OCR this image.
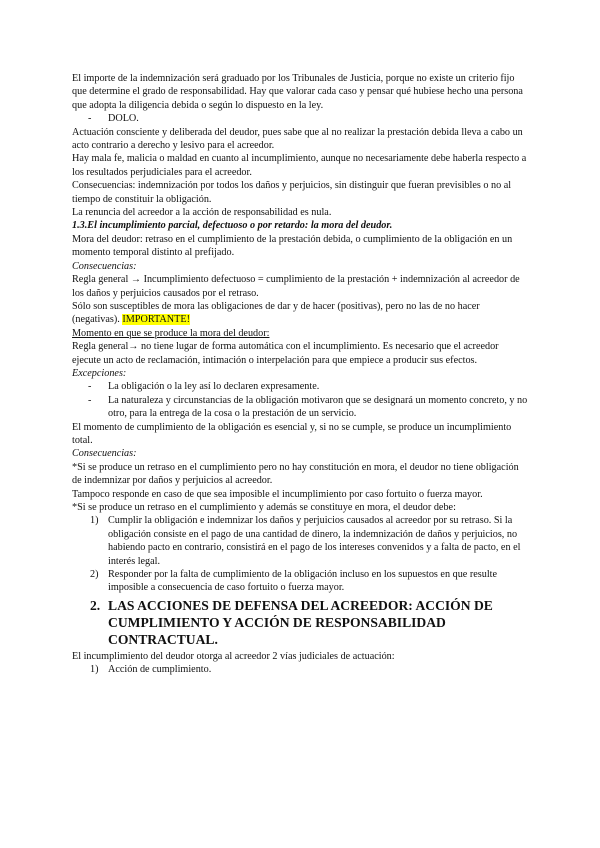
El importe de la indemnización será graduado por los Tribunales de Justicia, porque no existe un criterio fijo que determine el grado de responsabilidad. Hay que valorar cada caso y pensar qué hubiese hecho una persona que adopta la diligencia debida o según lo dispuesto en la ley.

- DOLO.

Actuación consciente y deliberada del deudor, pues sabe que al no realizar la prestación debida lleva a cabo un acto contrario a derecho y lesivo para el acreedor.

Hay mala fe, malicia o maldad en cuanto al incumplimiento, aunque no necesariamente debe haberla respecto a los resultados perjudiciales para el acreedor.

Consecuencias: indemnización por todos los daños y perjuicios, sin distinguir que fueran previsibles o no al tiempo de constituir la obligación.

La renuncia del acreedor a la acción de responsabilidad es nula.

1.3.El incumplimiento parcial, defectuoso o por retardo: la mora del deudor.

Mora del deudor: retraso en el cumplimiento de la prestación debida, o cumplimiento de la obligación en un momento temporal distinto al prefijado.

Consecuencias:

Regla general → Incumplimiento defectuoso = cumplimiento de la prestación + indemnización al acreedor de los daños y perjuicios causados por el retraso.

Sólo son susceptibles de mora las obligaciones de dar y de hacer (positivas), pero no las de no hacer (negativas). IMPORTANTE!

Momento en que se produce la mora del deudor:

Regla general→ no tiene lugar de forma automática con el incumplimiento. Es necesario que el acreedor ejecute un acto de reclamación, intimación o interpelación para que empiece a producir sus efectos.

Excepciones:

- La obligación o la ley así lo declaren expresamente.
- La naturaleza y circunstancias de la obligación motivaron que se designará un momento concreto, y no otro, para la entrega de la cosa o la prestación de un servicio.

El momento de cumplimiento de la obligación es esencial y, si no se cumple, se produce un incumplimiento total.

Consecuencias:

*Si se produce un retraso en el cumplimiento pero no hay constitución en mora, el deudor no tiene obligación de indemnizar por daños y perjuicios al acreedor.

Tampoco responde en caso de que sea imposible el incumplimiento por caso fortuito o fuerza mayor.

*Si se produce un retraso en el cumplimiento y además se constituye en mora, el deudor debe:

1) Cumplir la obligación e indemnizar los daños y perjuicios causados al acreedor por su retraso. Si la obligación consiste en el pago de una cantidad de dinero, la indemnización de daños y perjuicios, no habiendo pacto en contrario, consistirá en el pago de los intereses convenidos y a falta de pacto, en el interés legal.
2) Responder por la falta de cumplimiento de la obligación incluso en los supuestos en que resulte imposible a consecuencia de caso fortuito o fuerza mayor.
2. LAS ACCIONES DE DEFENSA DEL ACREEDOR: ACCIÓN DE CUMPLIMIENTO Y ACCIÓN DE RESPONSABILIDAD CONTRACTUAL.

El incumplimiento del deudor otorga al acreedor 2 vías judiciales de actuación:

1) Acción de cumplimiento.
